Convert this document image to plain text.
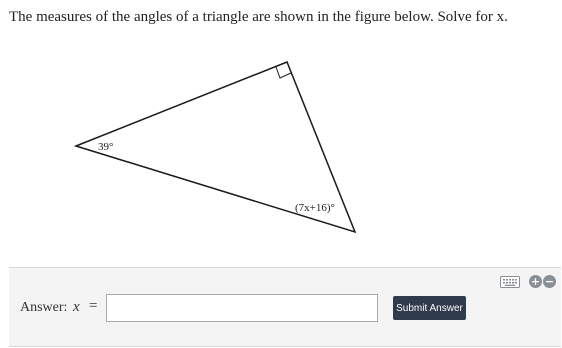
The measures of the angles of a triangle are shown in the figure below. Solve for x.
39°
(7x+16)°
+ −
Answer: x =	Submit Answer
